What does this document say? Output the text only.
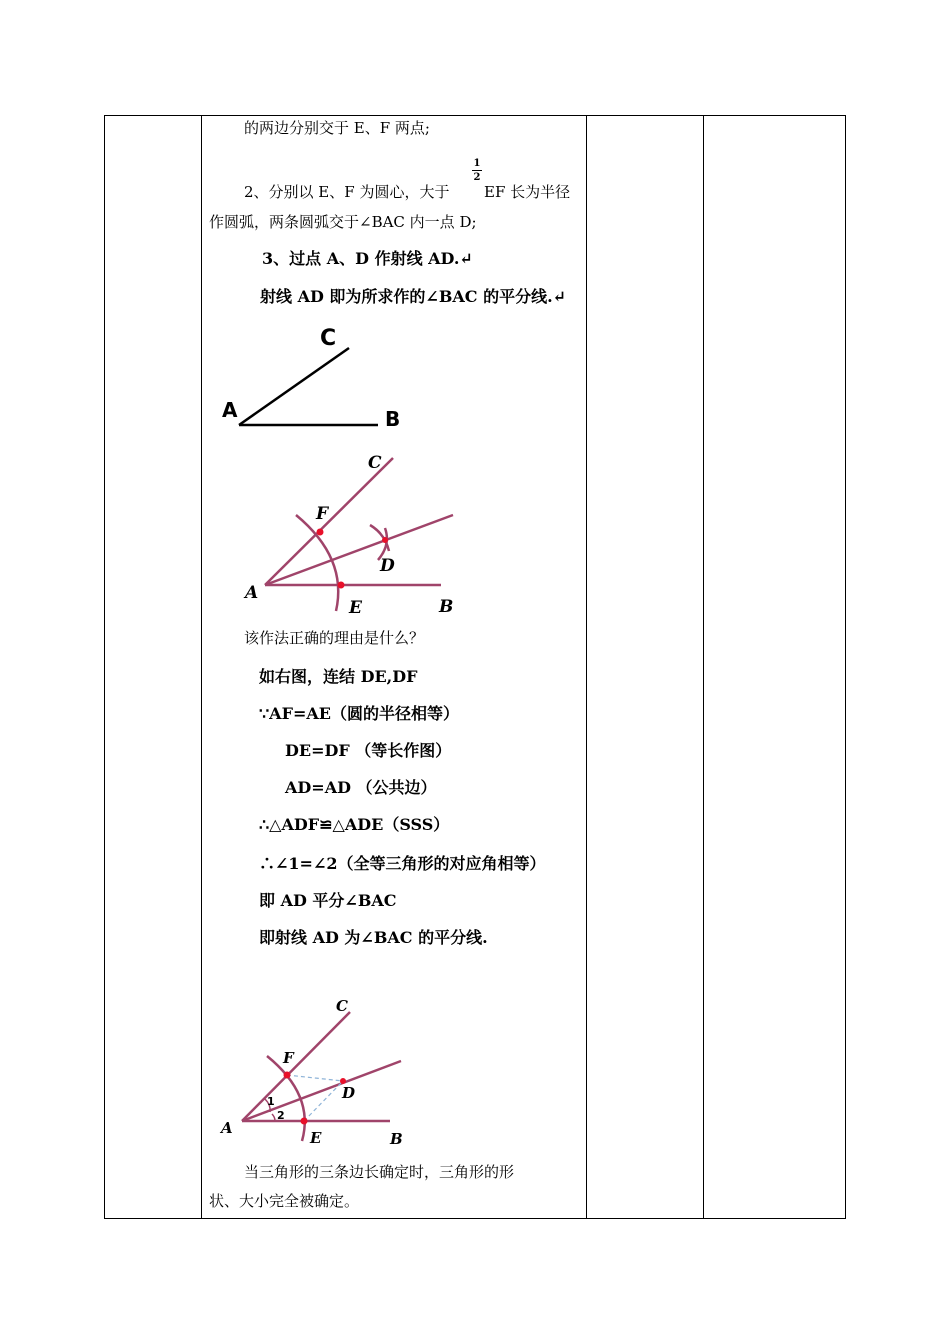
的两边分别交于 E、F 两点;
2、分别以 E、F 为圆心，大于
1
2
EF 长为半径
作圆弧，两条圆弧交于∠BAC 内一点 D;
3、过点 A、D 作射线 AD.↵
射线 AD 即为所求作的∠BAC 的平分线.↵
C
A	B
C
F
D
A
E	B
该作法正确的理由是什么？
如右图，连结 DE,DF
∵AF=AE（圆的半径相等）
DE=DF （等长作图）
AD=AD （公共边）
∴△ADF≌△ADE（SSS）
∴∠1=∠2（全等三角形的对应角相等）
即 AD 平分∠BAC
即射线 AD 为∠BAC 的平分线.
C
F
D
A
E	B
1
2
当三角形的三条边长确定时，三角形的形
状、大小完全被确定。
